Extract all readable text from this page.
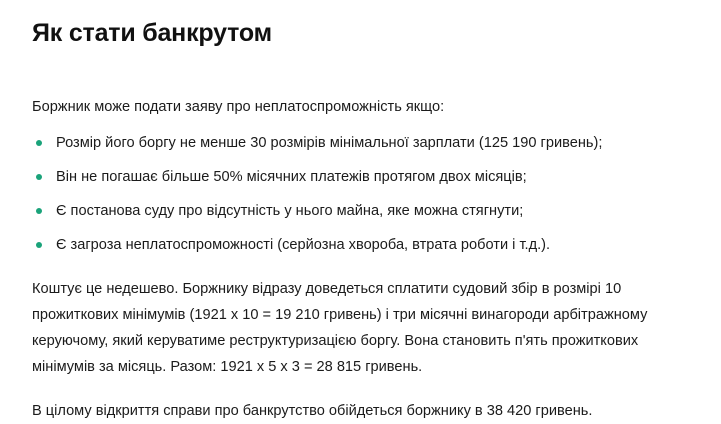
Як стати банкрутом

Боржник може подати заяву про неплатоспроможність якщо:

Розмір його боргу не менше 30 розмірів мінімальної зарплати (125 190 гривень);
Він не погашає більше 50% місячних платежів протягом двох місяців;
Є постанова суду про відсутність у нього майна, яке можна стягнути;
Є загроза неплатоспроможності (серйозна хвороба, втрата роботи і т.д.).

Коштує це недешево. Боржнику відразу доведеться сплатити судовий збір в розмірі 10 прожиткових мінімумів (1921 х 10 = 19 210 гривень) і три місячні винагороди арбітражному керуючому, який керуватиме реструктуризацією боргу. Вона становить п'ять прожиткових мінімумів за місяць. Разом: 1921 х 5 х 3 = 28 815 гривень.

В цілому відкриття справи про банкрутство обійдеться боржнику в 38 420 гривень.
